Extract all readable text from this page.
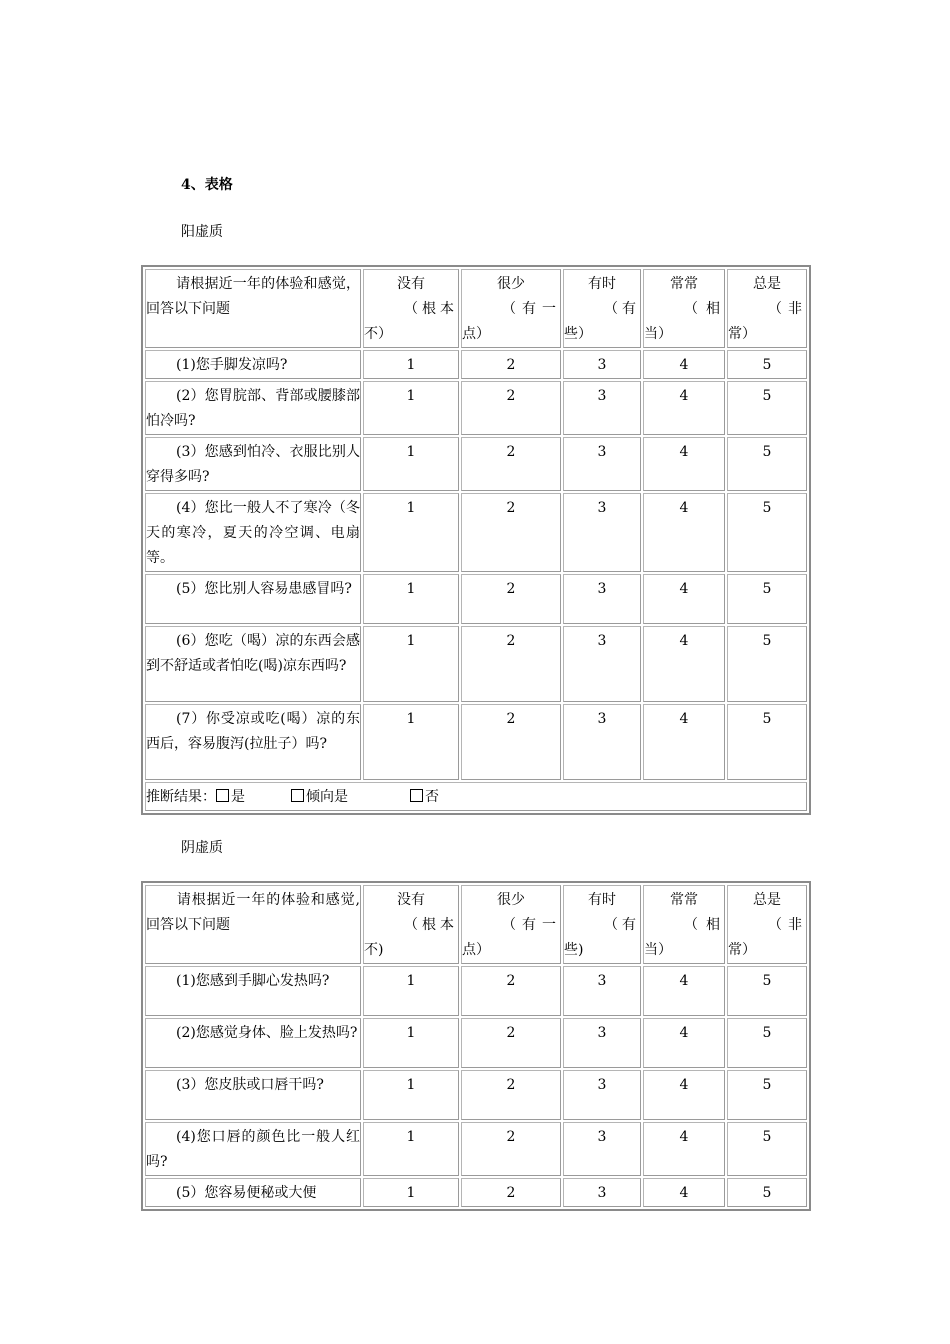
4、表格
阳虚质
请根据近一年的体验和感觉，回答以下问题	没有
（根本
不）	很少
（有一
点）	有时
（有
些）	常常
（相
当）	总是
（非
常）

(1)您手脚发凉吗?	1	2	3	4	5
(2）您胃脘部、背部或腰膝部怕冷吗?	1	2	3	4	5
(3）您感到怕冷、衣服比别人穿得多吗?	1	2	3	4	5
(4）您比一般人不了寒冷（冬天的寒冷，夏天的冷空调、电扇等。	1	2	3	4	5
(5）您比别人容易患感冒吗?	1	2	3	4	5
(6）您吃（喝）凉的东西会感到不舒适或者怕吃(喝)凉东西吗?	1	2	3	4	5
(7）你受凉或吃(喝）凉的东西后，容易腹泻(拉肚子）吗?	1	2	3	4	5
推断结果： 是 倾向是 否					
阴虚质
请根据近一年的体验和感觉,回答以下问题	没有
（根本
不)	很少
（有一
点）	有时
（有
些)	常常
（相
当）	总是
（非
常）

(1)您感到手脚心发热吗?	1	2	3	4	5
(2)您感觉身体、脸上发热吗?	1	2	3	4	5
(3）您皮肤或口唇干吗?	1	2	3	4	5
(4)您口唇的颜色比一般人红吗?	1	2	3	4	5
(5）您容易便秘或大便	1	2	3	4	5
